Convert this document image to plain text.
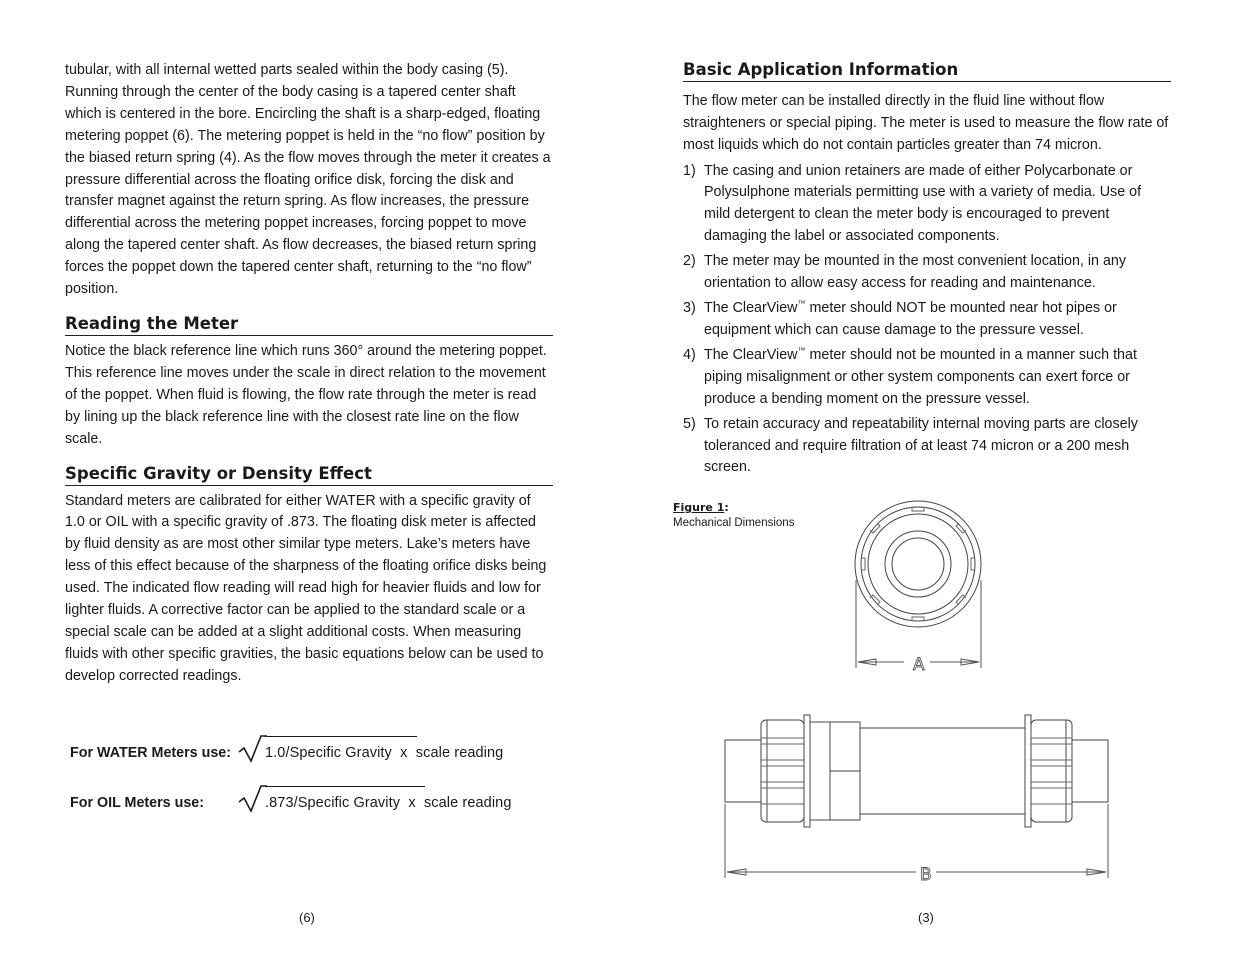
tubular, with all internal wetted parts sealed within the body casing (5). Running through the center of the body casing is a tapered center shaft which is centered in the bore. Encircling the shaft is a sharp-edged, floating metering poppet (6). The metering poppet is held in the “no flow” position by the biased return spring (4). As the flow moves through the meter it creates a pressure differential across the floating orifice disk, forcing the disk and transfer magnet against the return spring. As flow increases, the pressure differential across the metering poppet increases, forcing poppet to move along the tapered center shaft. As flow decreases, the biased return spring forces the poppet down the tapered center shaft, returning to the “no flow” position.

Reading the Meter

Notice the black reference line which runs 360° around the metering poppet. This reference line moves under the scale in direct relation to the movement of the poppet. When fluid is flowing, the flow rate through the meter is read by lining up the black reference line with the closest rate line on the flow scale.

Specific Gravity or Density Effect

Standard meters are calibrated for either WATER with a specific gravity of 1.0 or OIL with a specific gravity of .873. The floating disk meter is affected by fluid density as are most other similar type meters. Lake’s meters have less of this effect because of the sharpness of the floating orifice disks being used. The indicated flow reading will read high for heavier fluids and low for lighter fluids. A corrective factor can be applied to the standard scale or a special scale can be added at a slight additional costs. When measuring fluids with other specific gravities, the basic equations below can be used to develop corrected readings.

For WATER Meters use: 1.0/Specific Gravity  x  scale reading
For OIL Meters use:	.873/Specific Gravity  x  scale reading
(6)
Basic Application Information

The flow meter can be installed directly in the fluid line without flow straighteners or special piping. The meter is used to measure the flow rate of most liquids which do not contain particles greater than 74 micron.

1) The casing and union retainers are made of either Polycarbonate or Polysulphone materials permitting use with a variety of media. Use of mild detergent to clean the meter body is encouraged to prevent damaging the label or associated components.
2) The meter may be mounted in the most convenient location, in any orientation to allow easy access for reading and maintenance.
3) The ClearView™ meter should NOT be mounted near hot pipes or equipment which can cause damage to the pressure vessel.
4) The ClearView™ meter should not be mounted in a manner such that piping misalignment or other system components can exert force or produce a bending moment on the pressure vessel.
5) To retain accuracy and repeatability internal moving parts are closely toleranced and require filtration of at least 74 micron or a 200 mesh screen.
Figure 1:
Mechanical Dimensions
A
B
(3)
